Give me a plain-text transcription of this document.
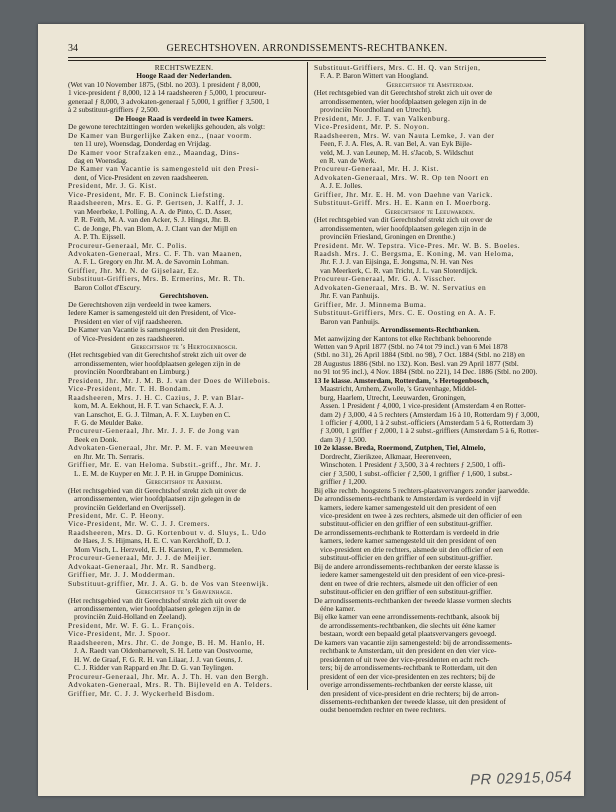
34	GERECHTSHOVEN. ARRONDISSEMENTS-RECHTBANKEN.
RECHTSWEZEN.
Hooge Raad der Nederlanden.
(Wet van 10 November 1875, (Stbl. no 203). 1 president ƒ 8,000,
1 vice-president ƒ 8,000, 12 à 14 raadsheeren ƒ 5,000, 1 procureur-
generaal ƒ 8,000, 3 advokaten-generaal ƒ 5,000, 1 griffier ƒ 3,500, 1
à 2 substituut-griffiers ƒ 2,500.
De Hooge Raad is verdeeld in twee Kamers.
De gewone terechtzittingen worden wekelijks gehouden, als volgt:
De Kamer van Burgerlijke Zaken enz., (naar voorm.
ten 11 ure), Woensdag, Donderdag en Vrijdag.
De Kamer voor Strafzaken enz., Maandag, Dins-
dag en Woensdag.
De Kamer van Vacantie is samengesteld uit den Presi-
dent, of Vice-President en zeven raadsheeren.
President, Mr. J. G. Kist.
Vice-President, Mr. F. B. Coninck Liefsting.
Raadsheeren, Mrs. E. G. P. Gertsen, J. Kalff, J. J.
van Meerbeke, I. Polling, A. A. de Pinto, C. D. Asser,
P. R. Feith, M. A. van den Acker, S. J. Hingst, Jhr. B.
C. de Jonge, Ph. van Blom, A. J. Clant van der Mijll en
A. P. Th. Eijssell.
Procureur-Generaal, Mr. C. Polis.
Advokaten-Generaal, Mrs. C. F. Th. van Maanen,
A. F. L. Gregory en Jhr. M. A. de Savornin Lohman.
Griffier, Jhr. Mr. N. de Gijselaar, Ez.
Substituut-Griffiers, Mrs. B. Ermerins, Mr. R. Th.
Baron Collot d'Escury.
Gerechtshoven.
De Gerechtshoven zijn verdeeld in twee kamers.
Iedere Kamer is samengesteld uit den President, of Vice-
President en vier of vijf raadsheeren.
De Kamer van Vacantie is samengesteld uit den President,
of Vice-President en zes raadsheeren.
Gerechtshof te 's Hertogenbosch.
(Het rechtsgebied van dit Gerechtshof strekt zich uit over de
arrondissementen, wier hoofdplaatsen gelegen zijn in de
provinciën Noordbrabant en Limburg.)
President, Jhr. Mr. J. M. B. J. van der Does de Willebois.
Vice-President, Mr. T. H. Bondam.
Raadsheeren, Mrs. J. H. C. Cazius, J. P. van Blar-
kom, M. A. Eekhout, H. F. T. van Schaeck, F. A. J.
van Lanschot, E. G. J. Tilman, A. F. X. Luyben en C.
F. G. de Meulder Bake.
Procureur-Generaal, Jhr. Mr. J. J. F. de Jong van
Beek en Donk.
Advokaten-Generaal, Jhr. Mr. P. M. F. van Meeuwen
en Jhr. Mr. Th. Serraris.
Griffier, Mr. E. van Heloma. Substit.-griff., Jhr. Mr. J.
L. E. M. de Kuyper en Mr. J. P. H. in Gruppe Dominicus.
Gerechtshof te Arnhem.
(Het rechtsgebied van dit Gerechtshof strekt zich uit over de
arrondissementen, wier hoofdplaatsen zijn gelegen in de
provinciën Gelderland en Overijssel).
President, Mr. C. P. Heony.
Vice-President, Mr. W. C. J. J. Cremers.
Raadsheeren, Mrs. D. G. Kortenbout v. d. Sluys, L. Udo
de Haes, J. S. Hijmans, H. E. C. van Kerckhoff, D. J.
Mom Visch, L. Herzveld, E. H. Karsten, P. v. Bemmelen.
Procureur-Generaal, Mr. J. J. de Meijier.
Advokaat-Generaal, Jhr. Mr. R. Sandberg.
Griffier, Mr. J. J. Modderman.
Substituut-griffier, Mr. J. A. G. b. de Vos van Steenwijk.
Gerechtshof te 's Gravenhage.
(Het rechtsgebied van dit Gerechtshof strekt zich uit over de
arrondissementen, wier hoofdplaatsen gelegen zijn in de
provinciën Zuid-Holland en Zeeland).
President, Mr. W. F. G. L. François.
Vice-President, Mr. J. Spoor.
Raadsheeren, Mrs. Jhr. C. de Jonge, B. H. M. Hanlo, H.
J. A. Raedt van Oldenbarnevelt, S. H. Lette van Oostvoorne,
H. W. de Graaf, F. G. R. H. van Lilaar, J. J. van Geuns, J.
C. J. Ridder van Rappard en Jhr. D. G. van Teylingen.
Procureur-Generaal, Jhr. Mr. A. J. Th. H. van den Bergh.
Advokaten-Generaal, Mrs. R. Th. Bijleveld en A. Telders.
Griffier, Mr. C. J. J. Wyckerheld Bisdom.
Substituut-Griffiers, Mrs. C. H. Q. van Strijen,
F. A. P. Baron Wittert van Hoogland.
Gerechtshof te Amsterdam.
(Het rechtsgebied van dit Gerechtshof strekt zich uit over de
arrondissementen, wier hoofdplaatsen gelegen zijn in de
provinciën Noordholland en Utrecht).
President, Mr. J. F. T. van Valkenburg.
Vice-President, Mr. P. S. Noyon.
Raadsheeren, Mrs. W. van Nauta Lemke, J. van der
Feen, F. J. A. Fles, A. R. van Bel, A. van Eyk Bijle-
veld, M. J. van Leunep, M. H. s'Jacob, S. Wildschut
en R. van de Werk.
Procureur-Generaal, Mr. H. J. Kist.
Advokaten-Generaal, Mrs. W. R. Op ten Noort en
A. J. E. Jolles.
Griffier, Jhr. Mr. E. H. M. von Daehne van Varick.
Substituut-Griff. Mrs. H. E. Kann en I. Moerborg.
Gerechtshof te Leeuwarden.
(Het rechtsgebied van dit Gerechtshof strekt zich uit over de
arrondissementen, wier hoofdplaatsen gelegen zijn in de
provinciën Friesland, Groningen en Drenthe.)
President. Mr. W. Tepstra. Vice-Pres. Mr. W. B. S. Boeles.
Raadsh. Mrs. J. C. Bergsma, E. Koning, M. van Heloma,
Jhr. F. J. J. van Eijsinga, E. Jongsma, N. H. van Nes
van Meerkerk, C. R. van Tricht, J. L. van Sloterdijck.
Procureur-Generaal, Mr. G. A. Visscher.
Advokaten-Generaal, Mrs. B. W. N. Servatius en
Jhr. F. van Panhuijs.
Griffier, Mr. J. Minnema Buma.
Substituut-Griffiers, Mrs. C. E. Oosting en A. A. F.
Baron van Panhuijs.
Arrondissements-Rechtbanken.
Met aanwijzing der Kantons tot elke Rechtbank behoorende
Wetten van 9 April 1877 (Stbl. no 74 tot 79 incl.) van 6 Mei 1878
(Stbl. no 31), 26 April 1884 (Stbl. no 98), 7 Oct. 1884 (Stbl. no 218) en
28 Augustus 1886 (Stbl. no 132). Kon. Besl. van 29 April 1877 (Stbl.
no 91 tot 95 incl.), 4 Nov. 1884 (Stbl. no 221), 14 Dec. 1886 (Stbl. no 200).
13 Ie klasse. Amsterdam, Rotterdam, 's Hertogenbosch,
Maastricht, Arnhem, Zwolle, 's Gravenhage, Middel-
burg, Haarlem, Utrecht, Leeuwarden, Groningen,
Assen. 1 President ƒ 4,000, 1 vice-president (Amsterdam 4 en Rotter-
dam 2) ƒ 3,000, 4 à 5 rechters (Amsterdam 16 à 10, Rotterdam 9) ƒ 3,000,
1 officier ƒ 4,000, 1 à 2 subst.-officiers (Amsterdam 5 à 6, Rotterdam 3)
ƒ 3,000, 1 griffier ƒ 2,000, 1 à 2 subst.-griffiers (Amsterdam 5 à 6, Rotter-
dam 3) ƒ 1,500.
10 2e klasse. Breda, Roermond, Zutphen, Tiel, Almelo,
Dordrecht, Zierikzee, Alkmaar, Heerenveen,
Winschoten. 1 President ƒ 3,500, 3 à 4 rechters ƒ 2,500, 1 offi-
cier ƒ 3,500, 1 subst.-officier ƒ 2,500, 1 griffier ƒ 1,600, 1 subst.-
griffier ƒ 1,200.
Bij elke rechtb. hoogstens 5 rechters-plaatsvervangers zonder jaarwedde.
De arrondissements-rechtbank te Amsterdam is verdeeld in vijf
kamers, iedere kamer samengesteld uit den president of een
vice-president en twee à zes rechters, alsmede uit den officier of een
substituut-officier en den griffier of een substituut-griffier.
De arrondissements-rechtbank te Rotterdam is verdeeld in drie
kamers, iedere kamer samengesteld uit den president of een
vice-president en drie rechters, alsmede uit den officier of een
substituut-officier en den griffier of een substituut-griffier.
Bij de andere arrondissements-rechtbanken der eerste klasse is
iedere kamer samengesteld uit den president of een vice-presi-
dent en twee of drie rechters, alsmede uit den officier of een
substituut-officier en den griffier of een substituut-griffier.
De arrondissements-rechtbanken der tweede klasse vormen slechts
ééne kamer.
Bij elke kamer van eene arrondissements-rechtbank, alsook bij
de arrondissements-rechtbanken, die slechts uit ééne kamer
bestaan, wordt een bepaald getal plaatsvervangers gevoegd.
De kamers van vacantie zijn samengesteld: bij de arrondissements-
rechtbank te Amsterdam, uit den president en den vier vice-
presidenten of uit twee der vice-presidenten en acht rech-
ters; bij de arrondissements-rechtbank te Rotterdam, uit den
president of een der vice-presidenten en zes rechters; bij de
overige arrondissements-rechtbanken der eerste klasse, uit
den president of vice-president en drie rechters; bij de arron-
dissements-rechtbanken der tweede klasse, uit den president of
oudst benoemden rechter en twee rechters.
PR 02915,054
